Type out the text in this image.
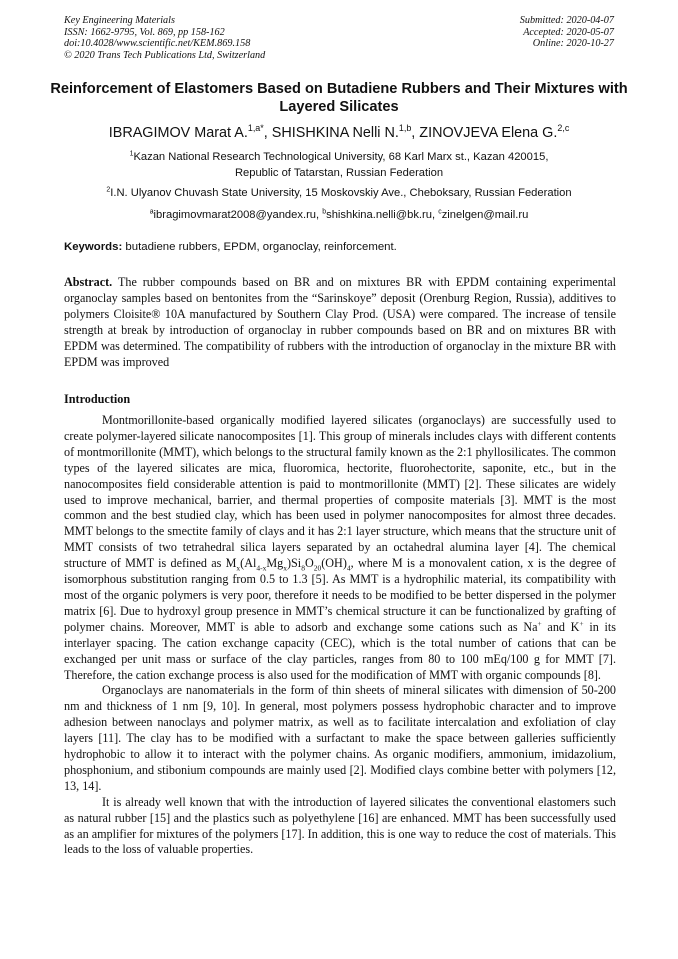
Key Engineering Materials
ISSN: 1662-9795, Vol. 869, pp 158-162
doi:10.4028/www.scientific.net/KEM.869.158
© 2020 Trans Tech Publications Ltd, Switzerland
Submitted: 2020-04-07
Accepted: 2020-05-07
Online: 2020-10-27
Reinforcement of Elastomers Based on Butadiene Rubbers and Their Mixtures with Layered Silicates
IBRAGIMOV Marat A.$^{1,a*}$, SHISHKINA Nelli N.$^{1,b}$, ZINOVJEVA Elena G.$^{2,c}$
$^1$Kazan National Research Technological University, 68 Karl Marx st., Kazan 420015,
Republic of Tatarstan, Russian Federation
$^2$I.N. Ulyanov Chuvash State University, 15 Moskovskiy Ave., Cheboksary, Russian Federation
$^a$ibragimovmarat2008@yandex.ru, $^b$shishkina.nelli@bk.ru, $^c$zinelgen@mail.ru
Keywords: butadiene rubbers, EPDM, organoclay, reinforcement.
Abstract. The rubber compounds based on BR and on mixtures BR with EPDM containing experimental organoclay samples based on bentonites from the “Sarinskoye” deposit (Orenburg Region, Russia), additives to polymers Cloisite® 10A manufactured by Southern Clay Prod. (USA) were compared. The increase of tensile strength at break by introduction of organoclay in rubber compounds based on BR and on mixtures BR with EPDM was determined. The compatibility of rubbers with the introduction of organoclay in the mixture BR with EPDM was improved
Introduction

Montmorillonite-based organically modified layered silicates (organoclays) are successfully used to create polymer-layered silicate nanocomposites [1]. This group of minerals includes clays with different contents of montmorillonite (MMT), which belongs to the structural family known as the 2:1 phyllosilicates. The common types of the layered silicates are mica, fluoromica, hectorite, fluorohectorite, saponite, etc., but in the nanocomposites field considerable attention is paid to montmorillonite (MMT) [2]. These silicates are widely used to improve mechanical, barrier, and thermal properties of composite materials [3]. MMT is the most common and the best studied clay, which has been used in polymer nanocomposites for almost three decades. MMT belongs to the smectite family of clays and it has 2:1 layer structure, which means that the structure unit of MMT consists of two tetrahedral silica layers separated by an octahedral alumina layer [4]. The chemical structure of MMT is defined as $M_x(Al_{4-x}Mg_x)Si_8O_{20}(OH)_4$, where M is a monovalent cation, x is the degree of isomorphous substitution ranging from 0.5 to 1.3 [5]. As MMT is a hydrophilic material, its compatibility with most of the organic polymers is very poor, therefore it needs to be modified to be better dispersed in the polymer matrix [6]. Due to hydroxyl group presence in MMT’s chemical structure it can be functionalized by grafting of polymer chains. Moreover, MMT is able to adsorb and exchange some cations such as Na+ and K+ in its interlayer spacing. The cation exchange capacity (CEC), which is the total number of cations that can be exchanged per unit mass or surface of the clay particles, ranges from 80 to 100 mEq/100 g for MMT [7]. Therefore, the cation exchange process is also used for the modification of MMT with organic compounds [8].

Organoclays are nanomaterials in the form of thin sheets of mineral silicates with dimension of 50-200 nm and thickness of 1 nm [9, 10]. In general, most polymers possess hydrophobic character and to improve adhesion between nanoclays and polymer matrix, as well as to facilitate intercalation and exfoliation of clay layers [11]. The clay has to be modified with a surfactant to make the space between galleries sufficiently hydrophobic to allow it to interact with the polymer chains. As organic modifiers, ammonium, imidazolium, phosphonium, and stibonium compounds are mainly used [2]. Modified clays combine better with polymers [12, 13, 14].

It is already well known that with the introduction of layered silicates the conventional elastomers such as natural rubber [15] and the plastics such as polyethylene [16] are enhanced. MMT has been successfully used as an amplifier for mixtures of the polymers [17]. In addition, this is one way to reduce the cost of materials. This leads to the loss of valuable properties.
